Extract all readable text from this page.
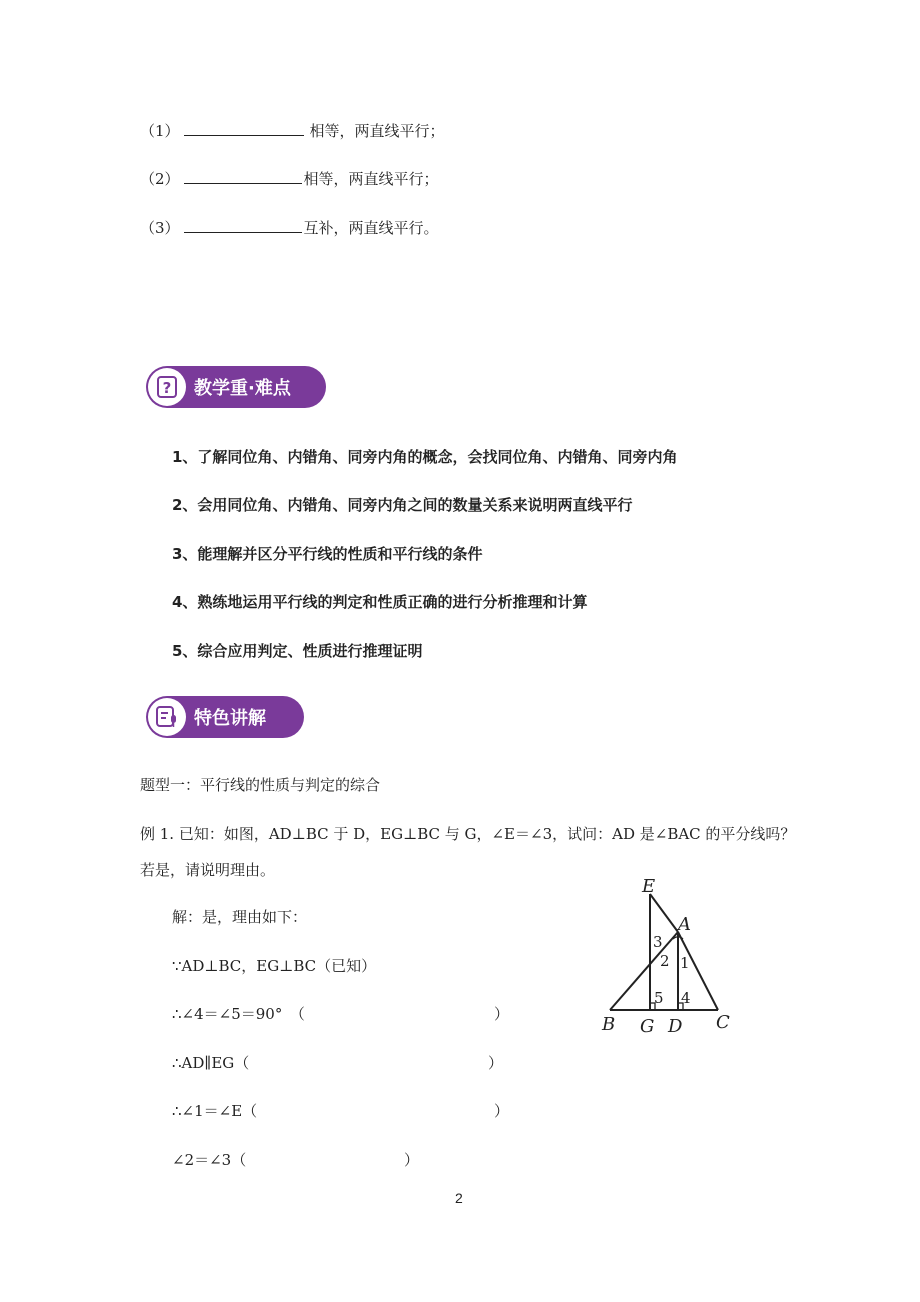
（1）	相等，两直线平行；
（2）	相等，两直线平行；
（3）	互补，两直线平行。
? 教学重·难点
1、了解同位角、内错角、同旁内角的概念，会找同位角、内错角、同旁内角
2、会用同位角、内错角、同旁内角之间的数量关系来说明两直线平行
3、能理解并区分平行线的性质和平行线的条件
4、熟练地运用平行线的判定和性质正确的进行分析推理和计算
5、综合应用判定、性质进行推理证明
特色讲解
题型一：平行线的性质与判定的综合
例 1. 已知：如图，AD⊥BC 于 D，EG⊥BC 与 G，∠E＝∠3，试问：AD 是∠BAC 的平分线吗？
若是，请说明理由。
解：是，理由如下：
∵AD⊥BC，EG⊥BC（已知）
∴∠4＝∠5＝90°　（	）
∴AD∥EG（	）
∴∠1＝∠E（	）
∠2＝∠3（	）
E
A
B G D C
3
2 1
5 4
2
